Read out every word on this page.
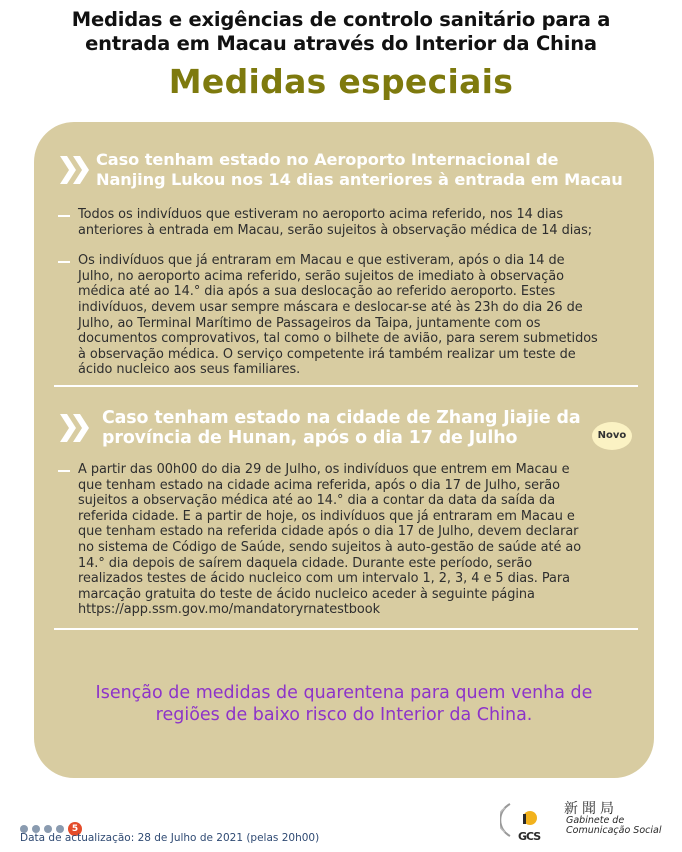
Medidas e exigências de controlo sanitário para a
entrada em Macau através do Interior da China
Medidas especiais
Caso tenham estado no Aeroporto Internacional de
Nanjing Lukou nos 14 dias anteriores à entrada em Macau
Todos os indivíduos que estiveram no aeroporto acima referido, nos 14 dias
anteriores à entrada em Macau, serão sujeitos à observação médica de 14 dias;
Os indivíduos que já entraram em Macau e que estiveram, após o dia 14 de
Julho, no aeroporto acima referido, serão sujeitos de imediato à observação
médica até ao 14.° dia após a sua deslocação ao referido aeroporto. Estes
indivíduos, devem usar sempre máscara e deslocar-se até às 23h do dia 26 de
Julho, ao Terminal Marítimo de Passageiros da Taipa, juntamente com os
documentos comprovativos, tal como o bilhete de avião, para serem submetidos
à observação médica. O serviço competente irá também realizar um teste de
ácido nucleico aos seus familiares.
Caso tenham estado na cidade de Zhang Jiajie da
província de Hunan, após o dia 17 de Julho
A partir das 00h00 do dia 29 de Julho, os indivíduos que entrem em Macau e
que tenham estado na cidade acima referida, após o dia 17 de Julho, serão
sujeitos a observação médica até ao 14.° dia a contar da data da saída da
referida cidade. E a partir de hoje, os indivíduos que já entraram em Macau e
que tenham estado na referida cidade após o dia 17 de Julho, devem declarar
no sistema de Código de Saúde, sendo sujeitos à auto-gestão de saúde até ao
14.° dia depois de saírem daquela cidade. Durante este período, serão
realizados testes de ácido nucleico com um intervalo 1, 2, 3, 4 e 5 dias. Para
marcação gratuita do teste de ácido nucleico aceder à seguinte página
https://app.ssm.gov.mo/mandatoryrnatestbook
Novo
Isenção de medidas de quarentena para quem venha de
regiões de baixo risco do Interior da China.
5
Data de actualização: 28 de Julho de 2021 (pelas 20h00)	GCS
新聞局
Gabinete de
Comunicação Social
